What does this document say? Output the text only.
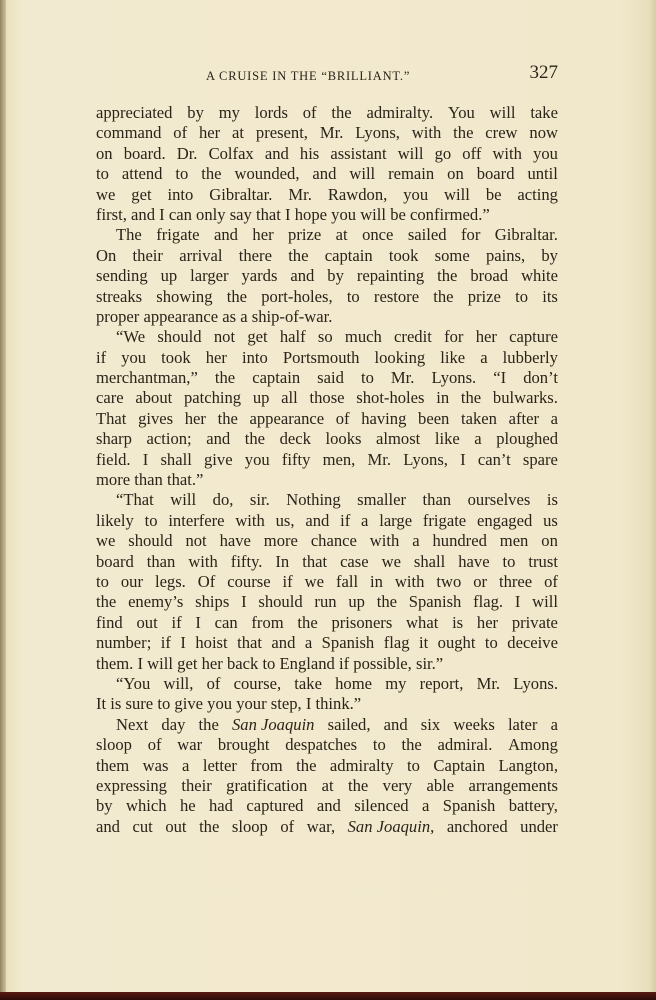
A CRUISE IN THE “BRILLIANT.”	327
appreciated by my lords of the admiralty. You will take
command of her at present, Mr. Lyons, with the crew now
on board. Dr. Colfax and his assistant will go off with you
to attend to the wounded, and will remain on board until
we get into Gibraltar. Mr. Rawdon, you will be acting
first,
and
I
can
only
say
that
I
hope
you
will
be
confirmed.”

The frigate and her prize at once sailed for Gibraltar.
On their arrival there the captain took some pains, by
sending up larger yards and by repainting the broad white
streaks showing the port-holes, to restore the prize to its
proper
appearance
as
a
ship-of-war.

“We should not get half so much credit for her capture
if you took her into Portsmouth looking like a lubberly
merchantman,” the captain said to Mr. Lyons. “I don’t
care about patching up all those shot-holes in the bulwarks.
That gives her the appearance of having been taken after a
sharp action; and the deck looks almost like a ploughed
field. I shall give you fifty men, Mr. Lyons, I can’t spare
more
than
that.”

“That will do, sir. Nothing smaller than ourselves is
likely to interfere with us, and if a large frigate engaged us
we should not have more chance with a hundred men on
board than with fifty. In that case we shall have to trust
to our legs. Of course if we fall in with two or three of
the enemy’s ships I should run up the Spanish flag. I will
find out if I can from the prisoners what is her private
number; if I hoist that and a Spanish flag it ought to deceive
them.
I
will
get
her
back
to
England
if
possible,
sir.”

“You will, of course, take home my report, Mr. Lyons.
It
is
sure
to
give
you
your
step,
I
think.”

Next day the San Joaquin sailed, and six weeks later a
sloop of war brought despatches to the admiral. Among
them was a letter from the admiralty to Captain Langton,
expressing their gratification at the very able arrangements
by which he had captured and silenced a Spanish battery,
and cut out the sloop of war, San Joaquin, anchored under
